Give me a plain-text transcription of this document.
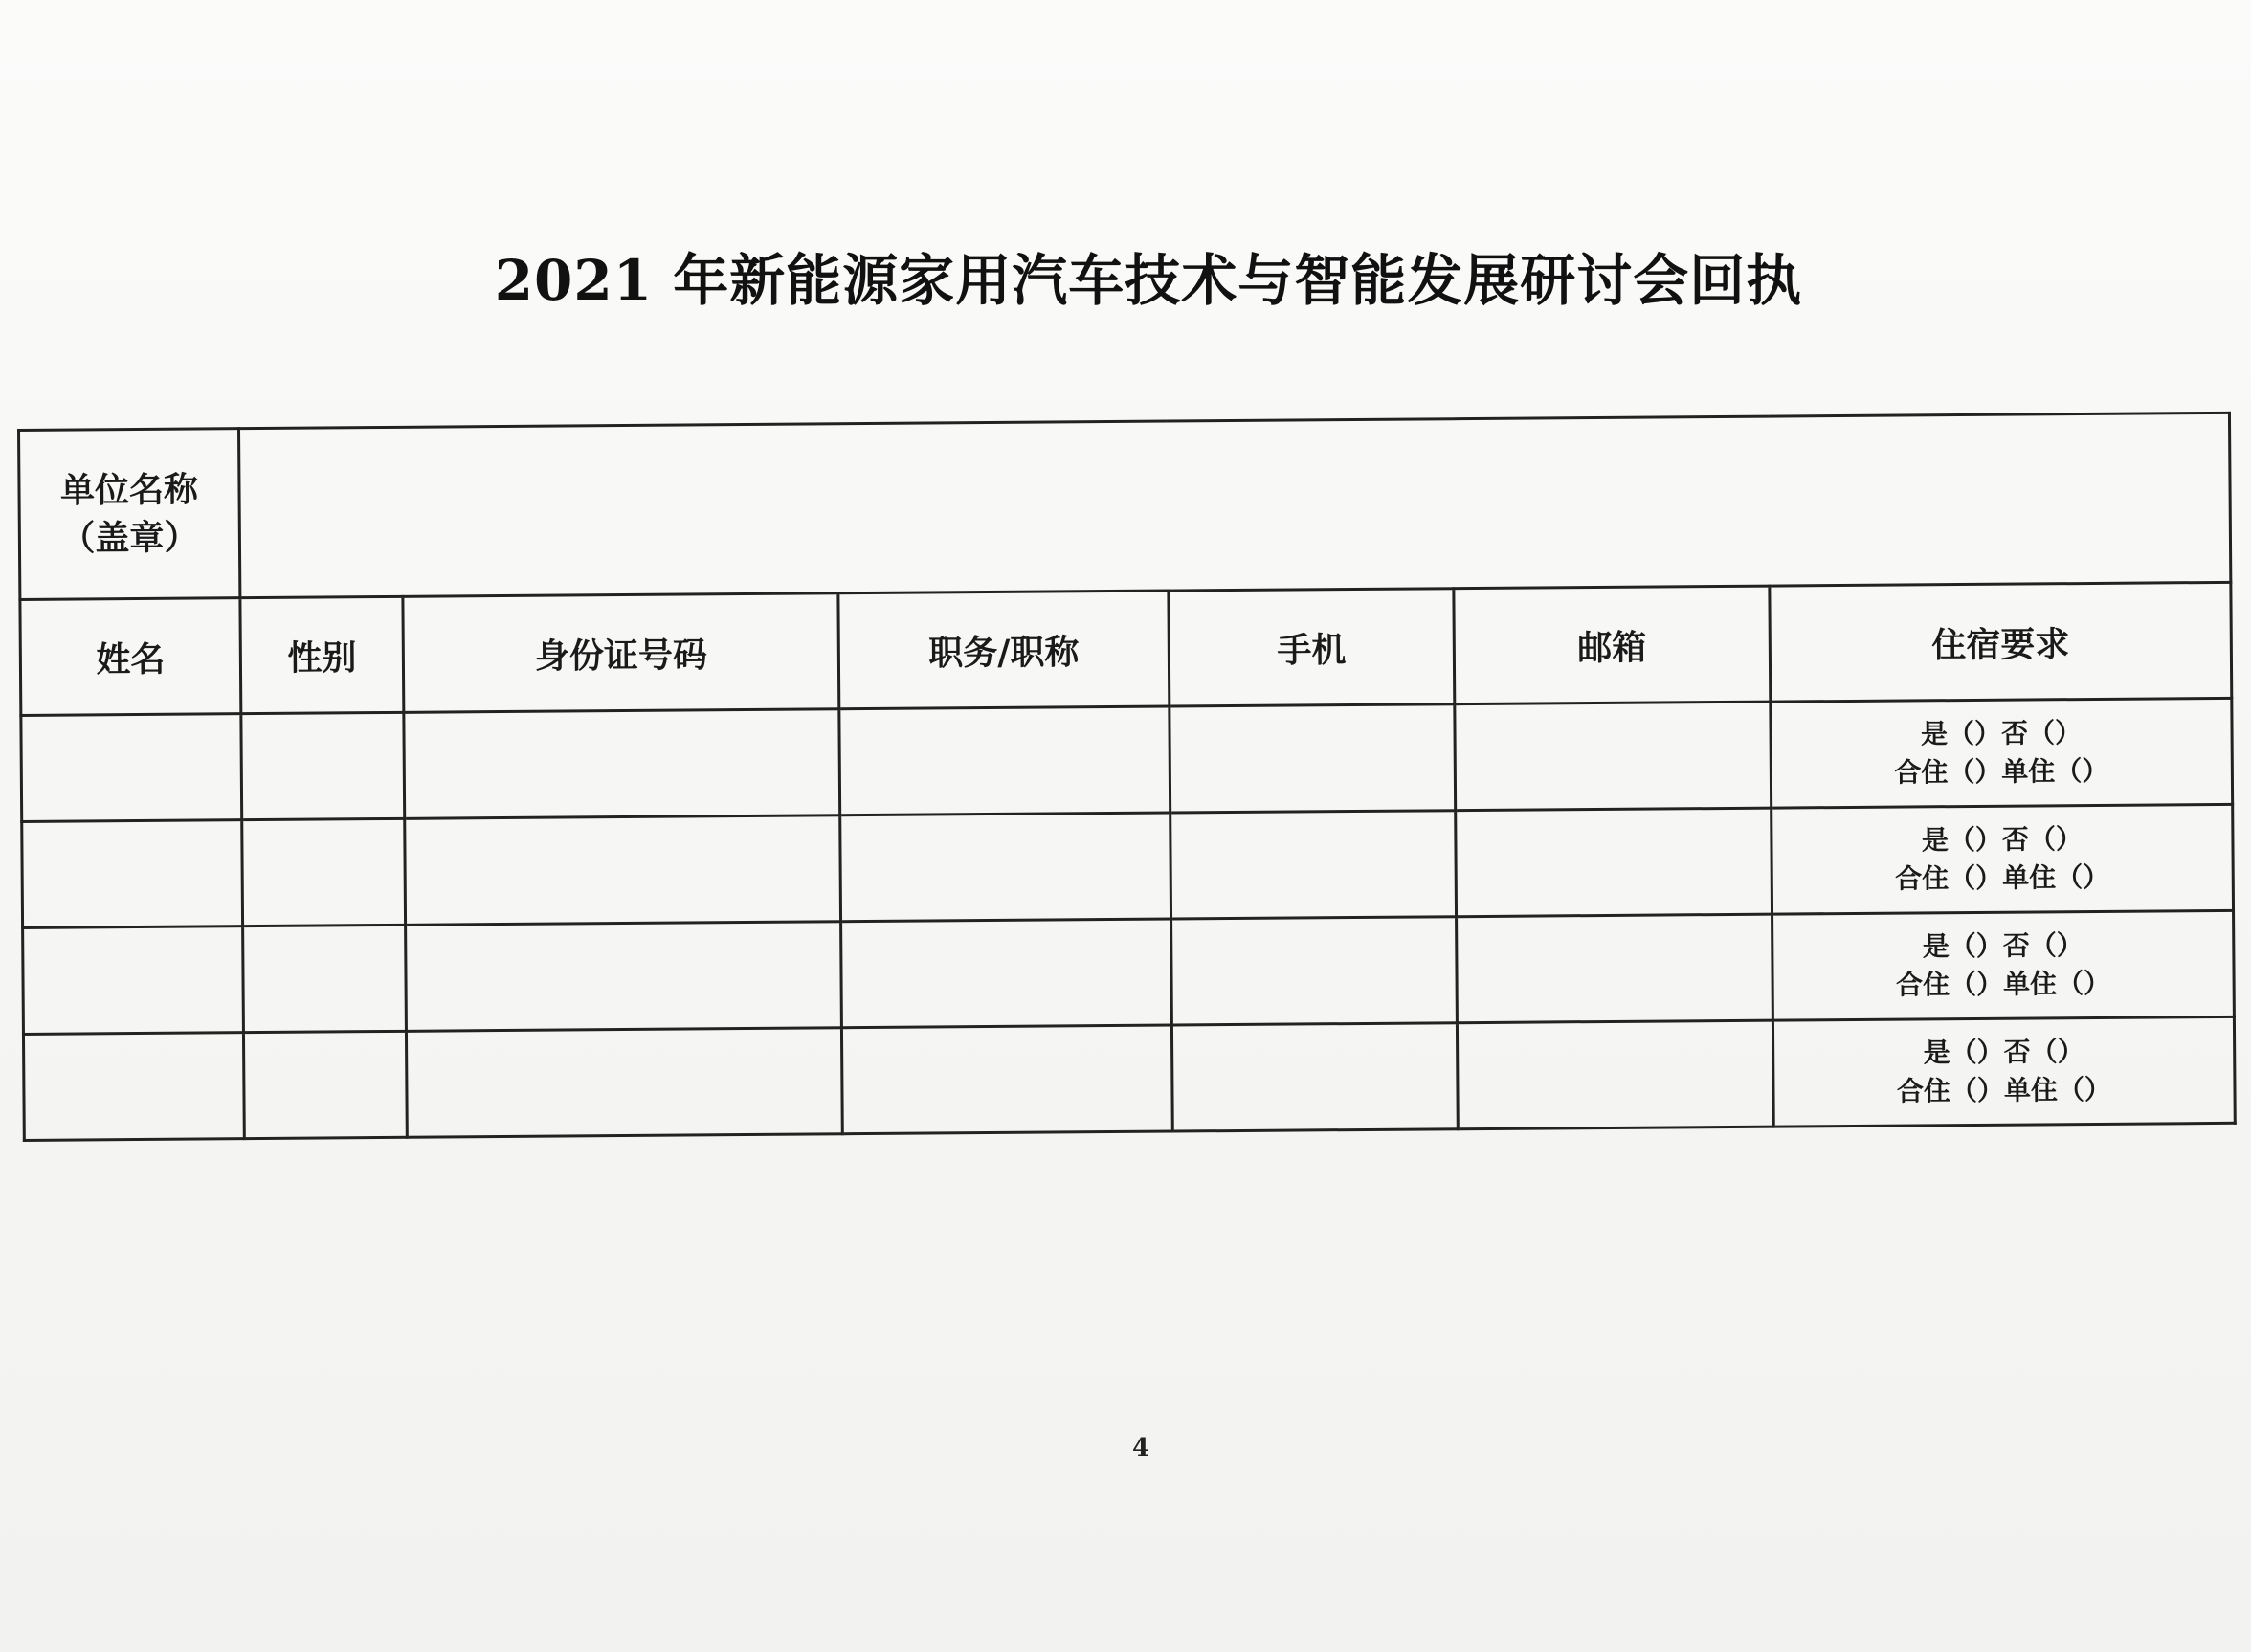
2021 年新能源家用汽车技术与智能发展研讨会回执
单位名称
（盖章）						

姓名	性别	身份证号码	职务/职称	手机	邮箱	住宿要求

						是（）否（）
合住（）单住（）

						是（）否（）
合住（）单住（）

						是（）否（）
合住（）单住（）

						是（）否（）
合住（）单住（）
4
